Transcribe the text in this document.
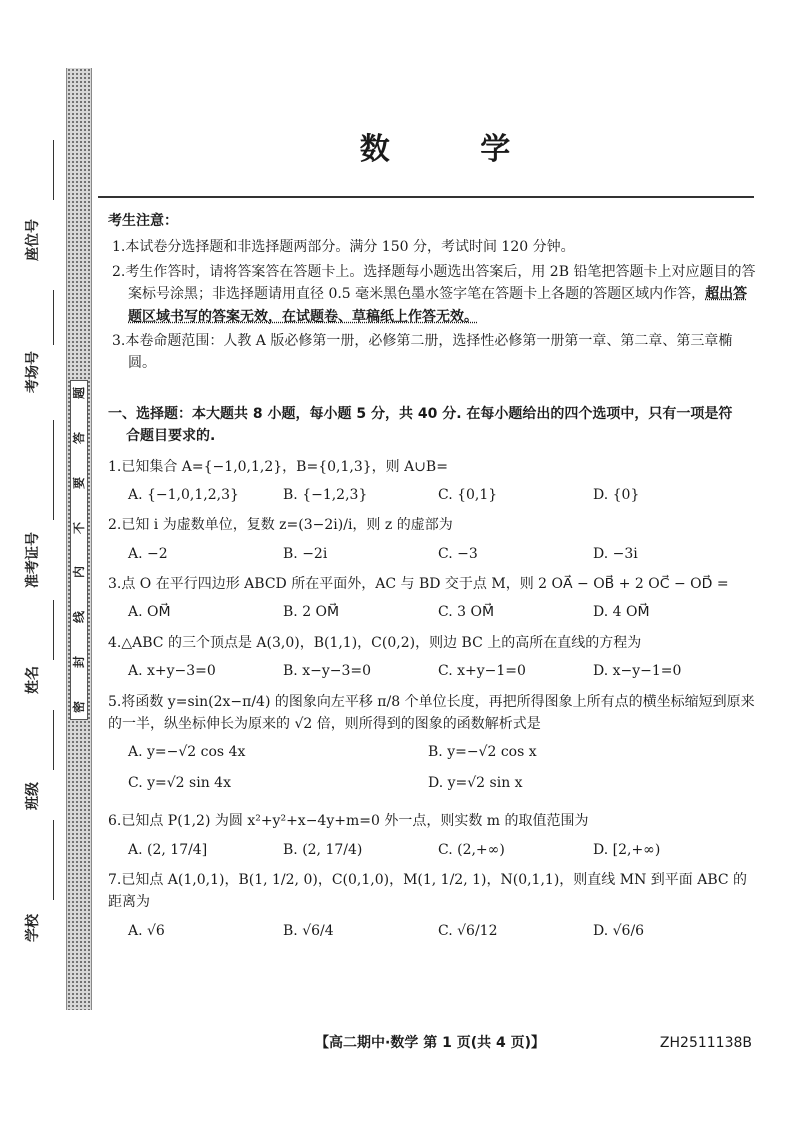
座位号
考场号
准考证号
姓名
班级
学校
题
答
要
不
内
线
封
密
数 学
考生注意：
1.本试卷分选择题和非选择题两部分。满分 150 分，考试时间 120 分钟。
2.考生作答时，请将答案答在答题卡上。选择题每小题选出答案后，用 2B 铅笔把答题卡上对应题目的答案标号涂黑；非选择题请用直径 0.5 毫米黑色墨水签字笔在答题卡上各题的答题区域内作答，超出答题区域书写的答案无效，在试题卷、草稿纸上作答无效。
3.本卷命题范围：人教 A 版必修第一册，必修第二册，选择性必修第一册第一章、第二章、第三章椭圆。
一、选择题：本大题共 8 小题，每小题 5 分，共 40 分. 在每小题给出的四个选项中，只有一项是符
合题目要求的.
1.已知集合 A={−1,0,1,2}，B={0,1,3}，则 A∪B=
A. {−1,0,1,2,3}	B. {−1,2,3}	C. {0,1}	D. {0}
2.已知 i 为虚数单位，复数 z=(3−2i)/i，则 z 的虚部为
A. −2	B. −2i	C. −3	D. −3i
3.点 O 在平行四边形 ABCD 所在平面外，AC 与 BD 交于点 M，则 2 OA⃗ − OB⃗ + 2 OC⃗ − OD⃗ =
A. OM⃗	B. 2 OM⃗	C. 3 OM⃗	D. 4 OM⃗
4.△ABC 的三个顶点是 A(3,0)，B(1,1)，C(0,2)，则边 BC 上的高所在直线的方程为
A. x+y−3=0	B. x−y−3=0	C. x+y−1=0	D. x−y−1=0
5.将函数 y=sin(2x−π/4) 的图象向左平移 π/8 个单位长度，再把所得图象上所有点的横坐标缩短到原来的一半，纵坐标伸长为原来的 √2 倍，则所得到的图象的函数解析式是
A. y=−√2 cos 4x	B. y=−√2 cos x
C. y=√2 sin 4x	D. y=√2 sin x
6.已知点 P(1,2) 为圆 x²+y²+x−4y+m=0 外一点，则实数 m 的取值范围为
A. (2, 17/4]	B. (2, 17/4)	C. (2,+∞)	D. [2,+∞)
7.已知点 A(1,0,1)，B(1, 1/2, 0)，C(0,1,0)，M(1, 1/2, 1)，N(0,1,1)，则直线 MN 到平面 ABC 的距离为
A. √6	B. √6/4	C. √6/12	D. √6/6
【高二期中·数学 第 1 页(共 4 页)】	ZH2511138B
